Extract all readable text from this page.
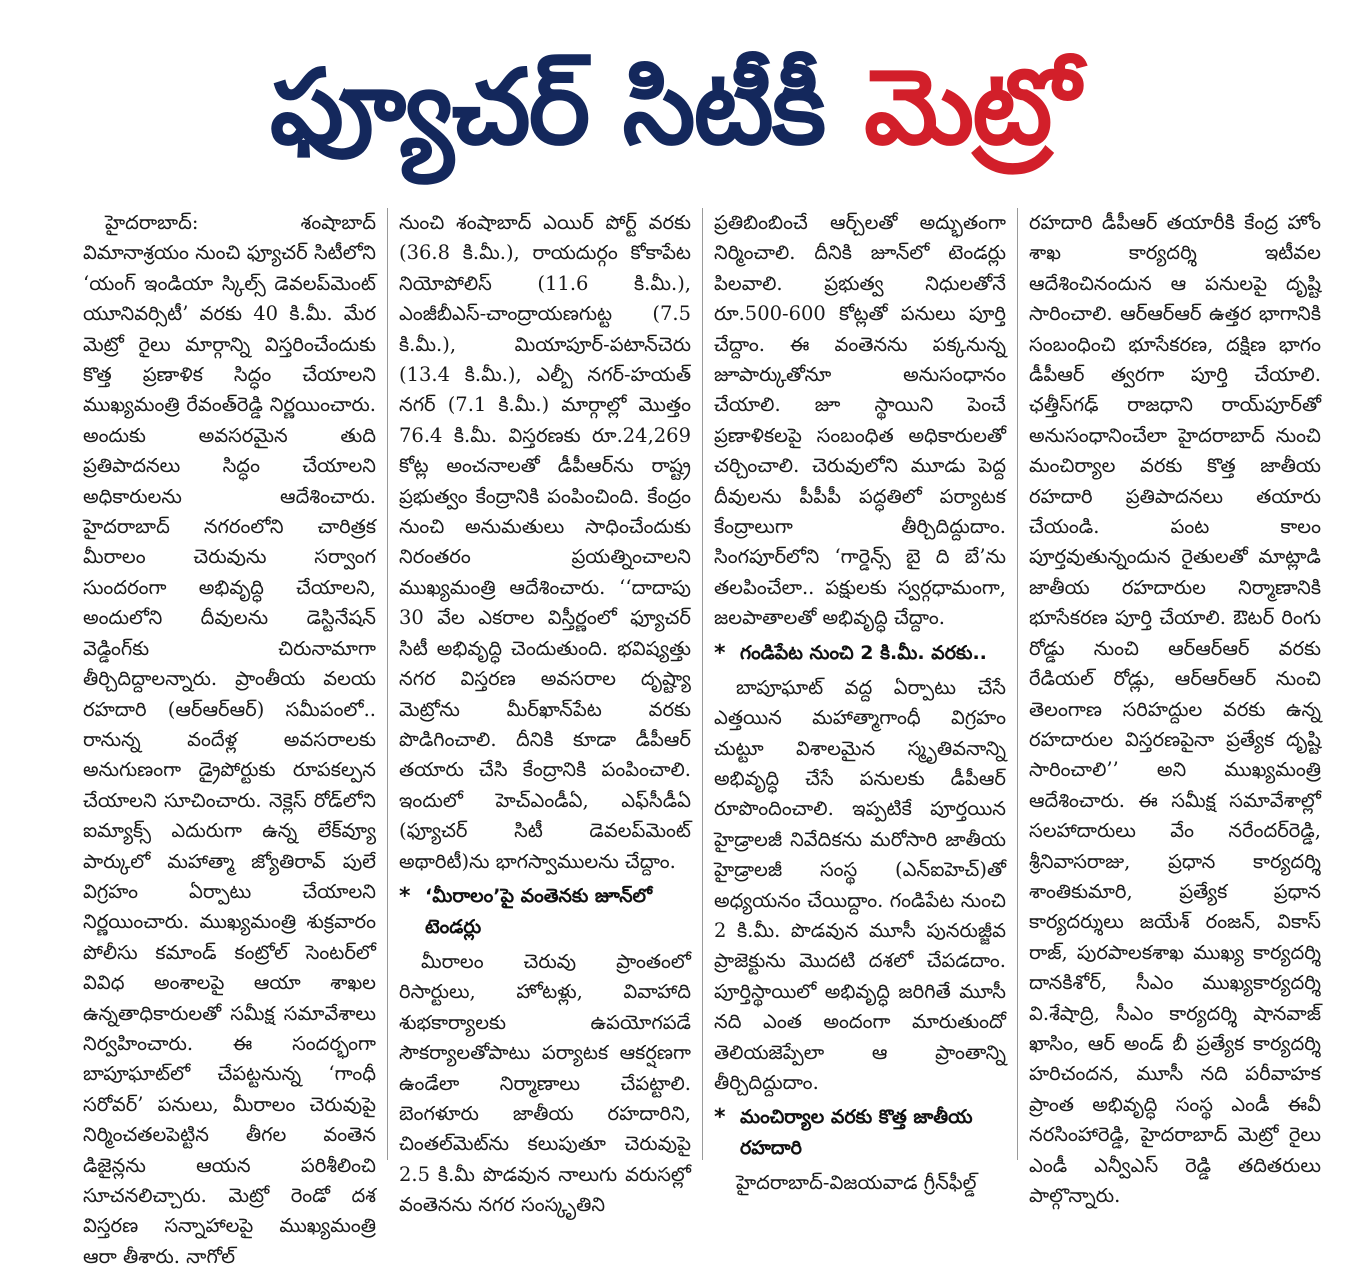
ఫ్యూచర్ సిటీకీ మెట్రో

హైదరాబాద్: శంషాబాద్ విమానాశ్రయం నుంచి ఫ్యూచర్ సిటీలోని ‘యంగ్ ఇండియా స్కిల్స్ డెవలప్‌మెంట్ యూనివర్సిటీ’ వరకు 40 కి.మీ. మేర మెట్రో రైలు మార్గాన్ని విస్తరించేందుకు కొత్త ప్రణాళిక సిద్ధం చేయాలని ముఖ్యమంత్రి రేవంత్‌రెడ్డి నిర్ణయించారు. అందుకు అవసరమైన తుది ప్రతిపాదనలు సిద్ధం చేయాలని అధికారులను ఆదేశించారు. హైదరాబాద్ నగరంలోని చారిత్రక మీరాలం చెరువును సర్వాంగ సుందరంగా అభివృద్ధి చేయాలని, అందులోని దీవులను డెస్టినేషన్ వెడ్డింగ్‌కు చిరునామాగా తీర్చిదిద్దాలన్నారు. ప్రాంతీయ వలయ రహదారి (ఆర్ఆర్ఆర్) సమీపంలో.. రానున్న వందేళ్ల అవసరాలకు అనుగుణంగా డ్రైపోర్టుకు రూపకల్పన చేయాలని సూచించారు. నెక్లెస్ రోడ్‌లోని ఐమ్యాక్స్ ఎదురుగా ఉన్న లేక్‌వ్యూ పార్కులో మహాత్మా జ్యోతిరావ్ పులే విగ్రహం ఏర్పాటు చేయాలని నిర్ణయించారు. ముఖ్యమంత్రి శుక్రవారం పోలీసు కమాండ్ కంట్రోల్ సెంటర్‌లో వివిధ అంశాలపై ఆయా శాఖల ఉన్నతాధికారులతో సమీక్ష సమావేశాలు నిర్వహించారు. ఈ సందర్భంగా బాపూఘాట్‌లో చేపట్టనున్న ‘గాంధీ సరోవర్’ పనులు, మీరాలం చెరువుపై నిర్మించతలపెట్టిన తీగల వంతెన డిజైన్లను ఆయన పరిశీలించి సూచనలిచ్చారు. మెట్రో రెండో దశ విస్తరణ సన్నాహాలపై ముఖ్యమంత్రి ఆరా తీశారు. నాగోల్

నుంచి శంషాబాద్ ఎయిర్ పోర్ట్ వరకు (36.8 కి.మీ.), రాయదుర్గం కోకాపేట నియోపోలిస్ (11.6 కి.మీ.), ఎంజీబీఎస్-చాంద్రాయణగుట్ట (7.5 కి.మీ.), మియాపూర్-పటాన్‌చెరు (13.4 కి.మీ.), ఎల్బీ నగర్-హయత్ నగర్ (7.1 కి.మీ.) మార్గాల్లో మొత్తం 76.4 కి.మీ. విస్తరణకు రూ.24,269 కోట్ల అంచనాలతో డీపీఆర్‌ను రాష్ట్ర ప్రభుత్వం కేంద్రానికి పంపించింది. కేంద్రం నుంచి అనుమతులు సాధించేందుకు నిరంతరం ప్రయత్నించాలని ముఖ్యమంత్రి ఆదేశించారు. ‘‘దాదాపు 30 వేల ఎకరాల విస్తీర్ణంలో ఫ్యూచర్ సిటీ అభివృద్ధి చెందుతుంది. భవిష్యత్తు నగర విస్తరణ అవసరాల దృష్ట్యా మెట్రోను మీర్‌ఖాన్‌పేట వరకు పొడిగించాలి. దీనికి కూడా డీపీఆర్ తయారు చేసి కేంద్రానికి పంపించాలి. ఇందులో హెచ్ఎండీఏ, ఎఫ్‌సీడీఏ (ఫ్యూచర్ సిటీ డెవలప్‌మెంట్ అథారిటీ)ను భాగస్వాములను చేద్దాం.

* ‘మీరాలం’పై వంతెనకు జూన్‌లో టెండర్లు

మీరాలం చెరువు ప్రాంతంలో రిసార్టులు, హోటళ్లు, వివాహాది శుభకార్యాలకు ఉపయోగపడే సౌకర్యాలతోపాటు పర్యాటక ఆకర్షణగా ఉండేలా నిర్మాణాలు చేపట్టాలి. బెంగళూరు జాతీయ రహదారిని, చింతల్‌మెట్‌ను కలుపుతూ చెరువుపై 2.5 కి.మీ పొడవున నాలుగు వరుసల్లో వంతెనను నగర సంస్కృతిని

ప్రతిబింబించే ఆర్చ్‌లతో అద్భుతంగా నిర్మించాలి. దీనికి జూన్‌లో టెండర్లు పిలవాలి. ప్రభుత్వ నిధులతోనే రూ.500-600 కోట్లతో పనులు పూర్తి చేద్దాం. ఈ వంతెనను పక్కనున్న జూపార్కుతోనూ అనుసంధానం చేయాలి. జూ స్థాయిని పెంచే ప్రణాళికలపై సంబంధిత అధికారులతో చర్చించాలి. చెరువులోని మూడు పెద్ద దీవులను పీపీపీ పద్ధతిలో పర్యాటక కేంద్రాలుగా తీర్చిదిద్దుదాం. సింగపూర్‌లోని ‘గార్డెన్స్ బై ది బే’ను తలపించేలా.. పక్షులకు స్వర్గధామంగా, జలపాతాలతో అభివృద్ధి చేద్దాం.

* గండిపేట నుంచి 2 కి.మీ. వరకు..

బాపూఘాట్ వద్ద ఏర్పాటు చేసే ఎత్తయిన మహాత్మాగాంధీ విగ్రహం చుట్టూ విశాలమైన స్మృతివనాన్ని అభివృద్ధి చేసే పనులకు డీపీఆర్ రూపొందించాలి. ఇప్పటికే పూర్తయిన హైడ్రాలజీ నివేదికను మరోసారి జాతీయ హైడ్రాలజీ సంస్థ (ఎన్ఐహెచ్)తో అధ్యయనం చేయిద్దాం. గండిపేట నుంచి 2 కి.మీ. పొడవున మూసీ పునరుజ్జీవ ప్రాజెక్టును మొదటి దశలో చేపడదాం. పూర్తిస్థాయిలో అభివృద్ధి జరిగితే మూసీ నది ఎంత అందంగా మారుతుందో తెలియజెప్పేలా ఆ ప్రాంతాన్ని తీర్చిదిద్దుదాం.

* మంచిర్యాల వరకు కొత్త జాతీయ రహదారి

హైదరాబాద్-విజయవాడ గ్రీన్‌ఫీల్డ్

రహదారి డీపీఆర్ తయారీకి కేంద్ర హోం శాఖ కార్యదర్శి ఇటీవల ఆదేశించినందున ఆ పనులపై దృష్టి సారించాలి. ఆర్ఆర్ఆర్ ఉత్తర భాగానికి సంబంధించి భూసేకరణ, దక్షిణ భాగం డీపీఆర్ త్వరగా పూర్తి చేయాలి. ఛత్తీస్‌గఢ్ రాజధాని రాయ్‌పూర్‌తో అనుసంధానించేలా హైదరాబాద్ నుంచి మంచిర్యాల వరకు కొత్త జాతీయ రహదారి ప్రతిపాదనలు తయారు చేయండి. పంట కాలం పూర్తవుతున్నందున రైతులతో మాట్లాడి జాతీయ రహదారుల నిర్మాణానికి భూసేకరణ పూర్తి చేయాలి. ఔటర్ రింగు రోడ్డు నుంచి ఆర్ఆర్ఆర్ వరకు రేడియల్ రోడ్లు, ఆర్ఆర్ఆర్ నుంచి తెలంగాణ సరిహద్దుల వరకు ఉన్న రహదారుల విస్తరణపైనా ప్రత్యేక దృష్టి సారించాలి’’ అని ముఖ్యమంత్రి ఆదేశించారు. ఈ సమీక్ష సమావేశాల్లో సలహాదారులు వేం నరేందర్‌రెడ్డి, శ్రీనివాసరాజు, ప్రధాన కార్యదర్శి శాంతికుమారి, ప్రత్యేక ప్రధాన కార్యదర్శులు జయేశ్ రంజన్, వికాస్ రాజ్, పురపాలకశాఖ ముఖ్య కార్యదర్శి దానకిశోర్, సీఎం ముఖ్యకార్యదర్శి వి.శేషాద్రి, సీఎం కార్యదర్శి షానవాజ్ ఖాసిం, ఆర్ అండ్ బీ ప్రత్యేక కార్యదర్శి హరిచందన, మూసీ నది పరీవాహక ప్రాంత అభివృద్ధి సంస్థ ఎండీ ఈవీ నరసింహారెడ్డి, హైదరాబాద్ మెట్రో రైలు ఎండీ ఎన్వీఎస్ రెడ్డి తదితరులు పాల్గొన్నారు.
